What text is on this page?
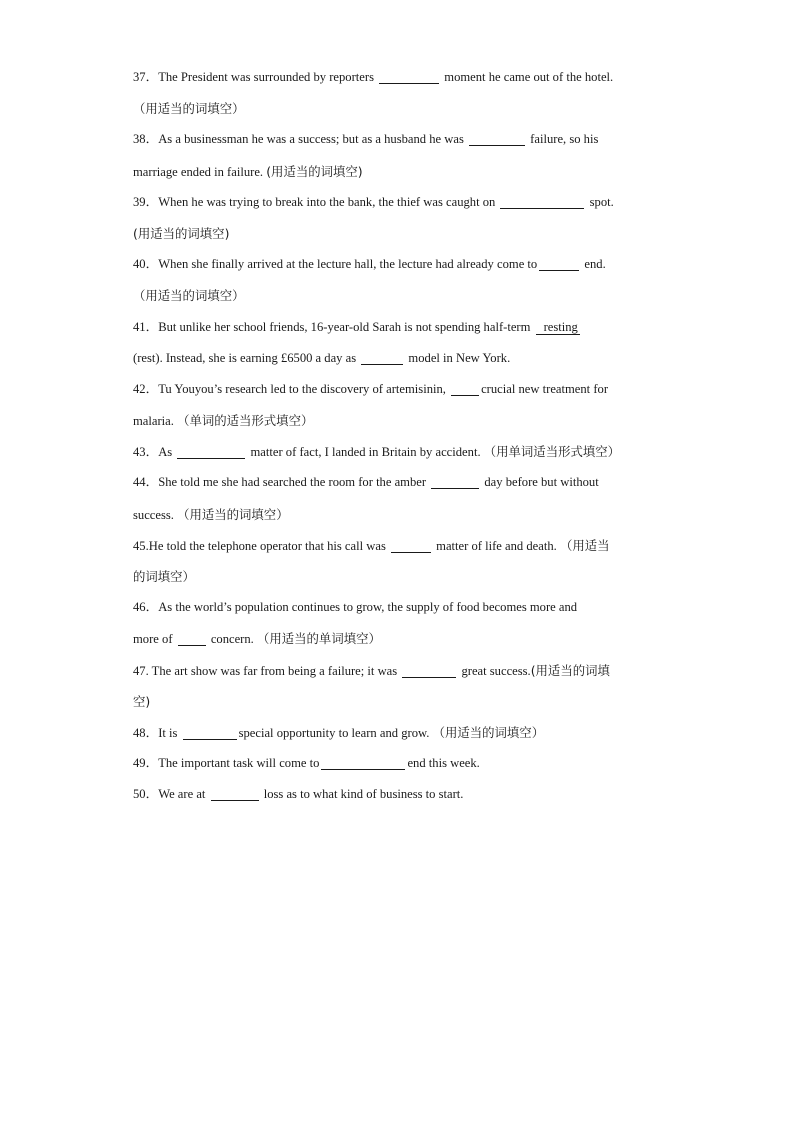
37．The President was surrounded by reporters	moment he came out of the hotel.
（用适当的词填空）
38．As a businessman he was a success; but as a husband he was	failure, so his
marriage ended in failure. (用适当的词填空)
39．When he was trying to break into the bank, the thief was caught on	spot.
(用适当的词填空)
40．When she finally arrived at the lecture hall, the lecture had already come to	end.
（用适当的词填空）
41．But unlike her school friends, 16-year-old Sarah is not spending half-term resting
(rest). Instead, she is earning £6500 a day as	model in New York.
42．Tu Youyou’s research led to the discovery of artemisinin,	crucial new treatment for
malaria. （单词的适当形式填空）
43．As	matter of fact, I landed in Britain by accident. （用单词适当形式填空）
44．She told me she had searched the room for the amber	day before but without
success. （用适当的词填空）
45.He told the telephone operator that his call was	matter of life and death. （用适当
的词填空）
46．As the world’s population continues to grow, the supply of food becomes more and
more of	concern. （用适当的单词填空）
47. The art show was far from being a failure; it was	great success.(用适当的词填
空)
48．It is	special opportunity to learn and grow. （用适当的词填空）
49．The important task will come to	end this week.
50．We are at	loss as to what kind of business to start.
